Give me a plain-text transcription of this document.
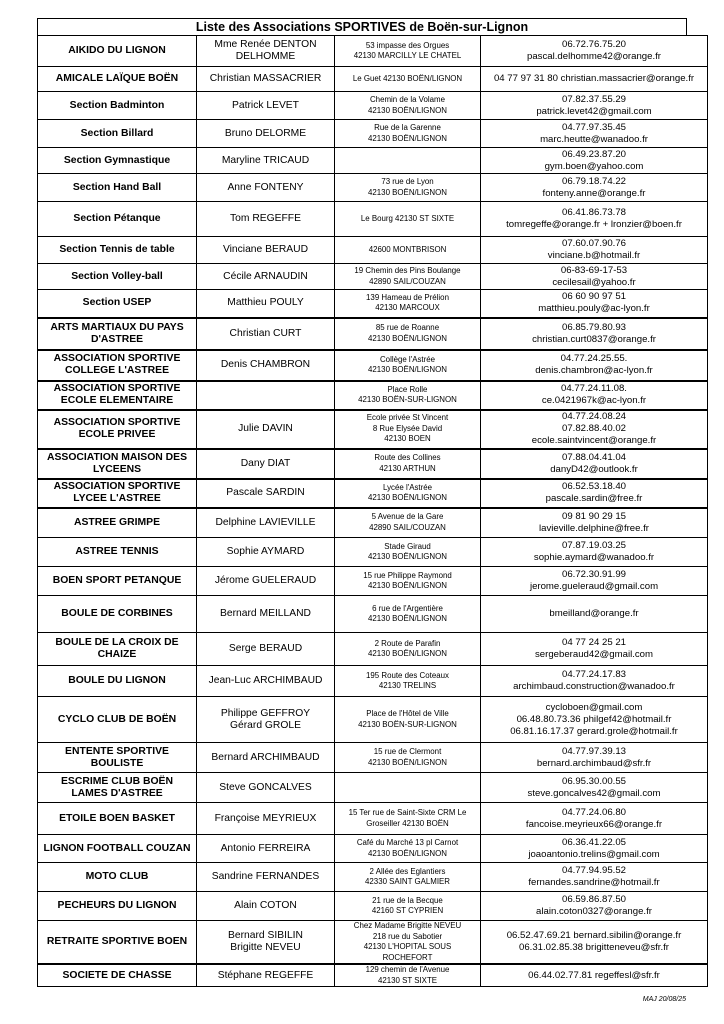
Liste des Associations SPORTIVES de Boën-sur-Lignon
AIKIDO DU LIGNON	Mme Renée DENTON
DELHOMME	53 impasse des Orgues
42130 MARCILLY LE CHATEL	06.72.76.75.20
pascal.delhomme42@orange.fr

AMICALE LAÏQUE BOËN	Christian MASSACRIER	Le Guet 42130 BOËN/LIGNON	04 77 97 31 80 christian.massacrier@orange.fr

Section Badminton	Patrick LEVET	Chemin de la Volame
42130 BOËN/LIGNON	07.82.37.55.29
patrick.levet42@gmail.com

Section Billard	Bruno DELORME	Rue de la Garenne
42130 BOËN/LIGNON	04.77.97.35.45
marc.heutte@wanadoo.fr

Section Gymnastique	Maryline TRICAUD		06.49.23.87.20
gym.boen@yahoo.com

Section Hand Ball	Anne FONTENY	73 rue de Lyon
42130 BOËN/LIGNON	06.79.18.74.22
fonteny.anne@orange.fr

Section Pétanque	Tom REGEFFE	Le Bourg 42130 ST SIXTE	06.41.86.73.78
tomregeffe@orange.fr + lronzier@boen.fr

Section Tennis de table	Vinciane BERAUD	42600 MONTBRISON	07.60.07.90.76
vinciane.b@hotmail.fr

Section Volley-ball	Cécile ARNAUDIN	19 Chemin des Pins Boulange
42890 SAIL/COUZAN	06-83-69-17-53
cecilesail@yahoo.fr

Section USEP	Matthieu POULY	139 Hameau de Prélion
42130 MARCOUX	06 60 90 97 51
matthieu.pouly@ac-lyon.fr

ARTS MARTIAUX DU PAYS
D'ASTREE	Christian CURT	85 rue de Roanne
42130 BOËN/LIGNON	06.85.79.80.93
christian.curt0837@orange.fr

ASSOCIATION SPORTIVE
COLLEGE L'ASTREE	Denis CHAMBRON	Collège l'Astrée
42130 BOËN/LIGNON	04.77.24.25.55.
denis.chambron@ac-lyon.fr

ASSOCIATION SPORTIVE
ECOLE ELEMENTAIRE		Place Rolle
42130 BOËN-SUR-LIGNON	04.77.24.11.08.
ce.0421967k@ac-lyon.fr

ASSOCIATION SPORTIVE
ECOLE PRIVEE	Julie DAVIN	Ecole privée St Vincent
8 Rue Elysée David
42130 BOEN	04.77.24.08.24
07.82.88.40.02
ecole.saintvincent@orange.fr

ASSOCIATION MAISON DES
LYCEENS	Dany DIAT	Route des Collines
42130 ARTHUN	07.88.04.41.04
danyD42@outlook.fr

ASSOCIATION SPORTIVE
LYCEE L'ASTREE	Pascale SARDIN	Lycée l'Astrée
42130 BOËN/LIGNON	06.52.53.18.40
pascale.sardin@free.fr

ASTREE GRIMPE	Delphine LAVIEVILLE	5 Avenue de la Gare
42890 SAIL/COUZAN	09 81 90 29 15
lavieville.delphine@free.fr

ASTREE TENNIS	Sophie AYMARD	Stade Giraud
42130 BOËN/LIGNON	07.87.19.03.25
sophie.aymard@wanadoo.fr

BOEN SPORT PETANQUE	Jérome GUELERAUD	15 rue Philippe Raymond
42130 BOËN/LIGNON	06.72.30.91.99
jerome.gueleraud@gmail.com

BOULE DE CORBINES	Bernard MEILLAND	6 rue de l'Argentière
42130 BOËN/LIGNON	bmeilland@orange.fr

BOULE DE LA CROIX DE
CHAIZE	Serge BERAUD	2 Route de Parafin
42130 BOËN/LIGNON	04 77 24 25 21
sergeberaud42@gmail.com

BOULE DU LIGNON	Jean-Luc ARCHIMBAUD	195 Route des Coteaux
42130 TRELINS	04.77.24.17.83
archimbaud.construction@wanadoo.fr

CYCLO CLUB DE BOËN	Philippe GEFFROY
Gérard GROLE	Place de l'Hôtel de Ville
42130 BOËN-SUR-LIGNON	cycloboen@gmail.com
06.48.80.73.36 philgef42@hotmail.fr
06.81.16.17.37 gerard.grole@hotmail.fr

ENTENTE SPORTIVE
BOULISTE	Bernard ARCHIMBAUD	15 rue de Clermont
42130 BOËN/LIGNON	04.77.97.39.13
bernard.archimbaud@sfr.fr

ESCRIME CLUB BOËN
LAMES D'ASTREE	Steve GONCALVES		06.95.30.00.55
steve.goncalves42@gmail.com

ETOILE BOEN BASKET	Françoise MEYRIEUX	15 Ter rue de Saint-Sixte CRM Le
Groseiller 42130 BOËN	04.77.24.06.80
fancoise.meyrieux66@orange.fr

LIGNON FOOTBALL COUZAN	Antonio FERREIRA	Café du Marché 13 pl Carnot
42130 BOËN/LIGNON	06.36.41.22.05
joaoantonio.trelins@gmail.com

MOTO CLUB	Sandrine FERNANDES	2 Allée des Eglantiers
42330 SAINT GALMIER	04.77.94.95.52
fernandes.sandrine@hotmail.fr

PECHEURS DU LIGNON	Alain COTON	21 rue de la Becque
42160 ST CYPRIEN	06.59.86.87.50
alain.coton0327@orange.fr

RETRAITE SPORTIVE BOEN	Bernard SIBILIN
Brigitte NEVEU	Chez Madame Brigitte NEVEU
218 rue du Sabotier
42130 L'HOPITAL SOUS
ROCHEFORT	06.52.47.69.21 bernard.sibilin@orange.fr
06.31.02.85.38 brigitteneveu@sfr.fr

SOCIETE DE CHASSE	Stéphane REGEFFE	129 chemin de l'Avenue
42130 ST SIXTE	06.44.02.77.81 regeffesl@sfr.fr
MAJ 20/08/25
